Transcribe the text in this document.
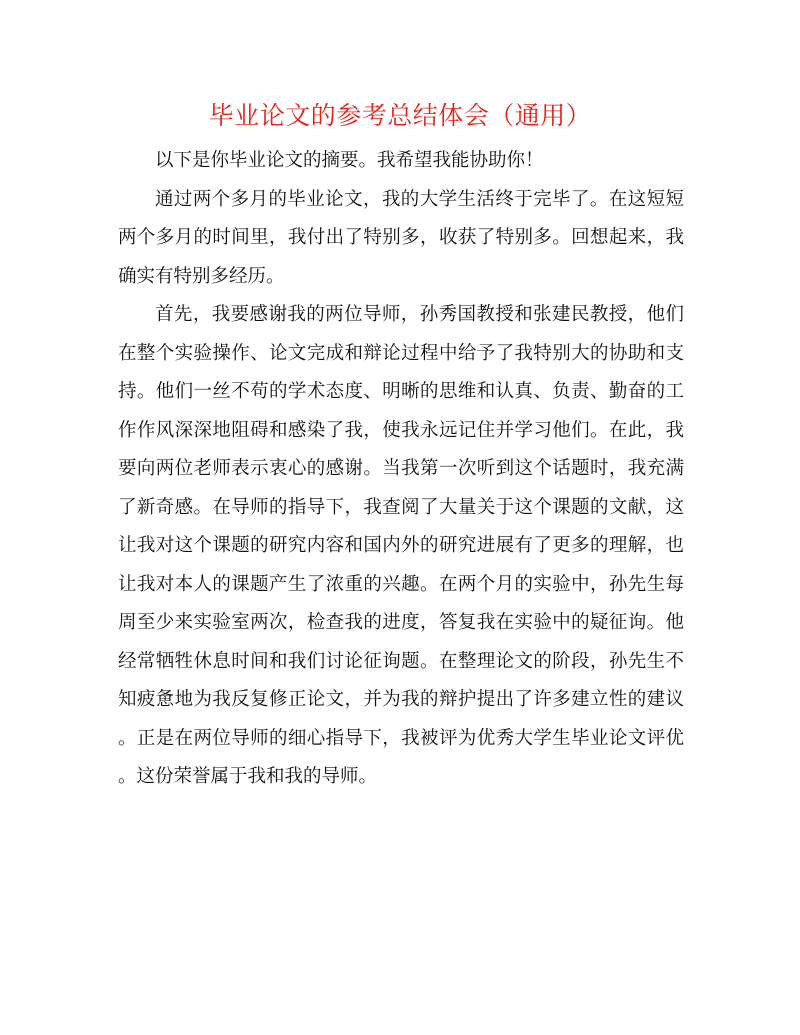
毕业论文的参考总结体会（通用）

以下是你毕业论文的摘要。我希望我能协助你！

通过两个多月的毕业论文，我的大学生活终于完毕了。在这短短两个多月的时间里，我付出了特别多，收获了特别多。回想起来，我确实有特别多经历。

首先，我要感谢我的两位导师，孙秀国教授和张建民教授，他们在整个实验操作、论文完成和辩论过程中给予了我特别大的协助和支持。他们一丝不苟的学术态度、明晰的思维和认真、负责、勤奋的工作作风深深地阻碍和感染了我，使我永远记住并学习他们。在此，我要向两位老师表示衷心的感谢。当我第一次听到这个话题时，我充满了新奇感。在导师的指导下，我查阅了大量关于这个课题的文献，这让我对这个课题的研究内容和国内外的研究进展有了更多的理解，也让我对本人的课题产生了浓重的兴趣。在两个月的实验中，孙先生每周至少来实验室两次，检查我的进度，答复我在实验中的疑征询。他经常牺牲休息时间和我们讨论征询题。在整理论文的阶段，孙先生不知疲惫地为我反复修正论文，并为我的辩护提出了许多建立性的建议。正是在两位导师的细心指导下，我被评为优秀大学生毕业论文评优。这份荣誉属于我和我的导师。
